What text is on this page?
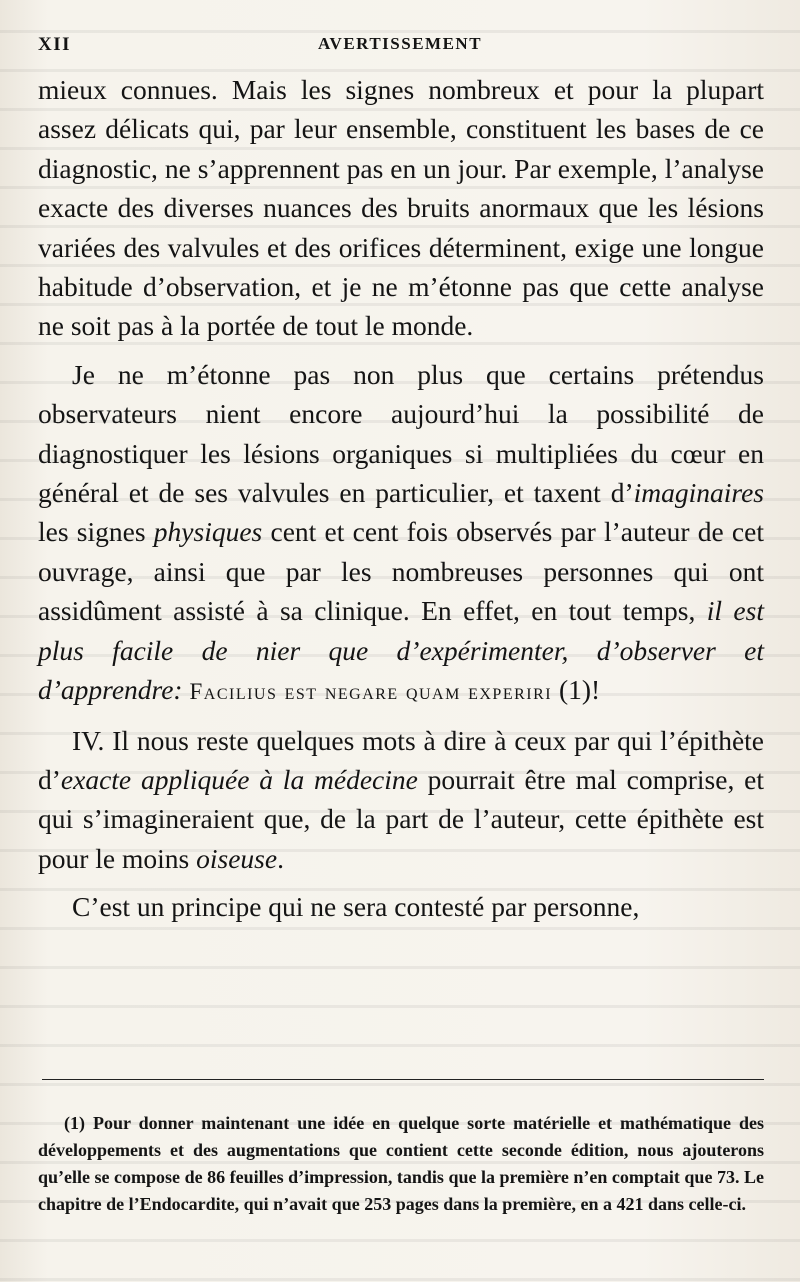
XII	AVERTISSEMENT

mieux connues. Mais les signes nombreux et pour la plupart assez délicats qui, par leur ensemble, constituent les bases de ce diagnostic, ne s’apprennent pas en un jour. Par exemple, l’analyse exacte des diverses nuances des bruits anormaux que les lésions variées des valvules et des orifices déterminent, exige une longue habitude d’observation, et je ne m’étonne pas que cette analyse ne soit pas à la portée de tout le monde.

Je ne m’étonne pas non plus que certains prétendus observateurs nient encore aujourd’hui la possibilité de diagnostiquer les lésions organiques si multipliées du cœur en général et de ses valvules en particulier, et taxent d’imaginaires les signes physiques cent et cent fois observés par l’auteur de cet ouvrage, ainsi que par les nombreuses personnes qui ont assidûment assisté à sa clinique. En effet, en tout temps, il est plus facile de nier que d’expérimenter, d’observer et d’apprendre: Facilius est negare quam experiri (1)!

IV. Il nous reste quelques mots à dire à ceux par qui l’épithète d’exacte appliquée à la médecine pourrait être mal comprise, et qui s’imagineraient que, de la part de l’auteur, cette épithète est pour le moins oiseuse.

C’est un principe qui ne sera contesté par personne,

(1) Pour donner maintenant une idée en quelque sorte matérielle et mathématique des développements et des augmentations que contient cette seconde édition, nous ajouterons qu’elle se compose de 86 feuilles d’impression, tandis que la première n’en comptait que 73. Le chapitre de l’Endocardite, qui n’avait que 253 pages dans la première, en a 421 dans celle-ci.
